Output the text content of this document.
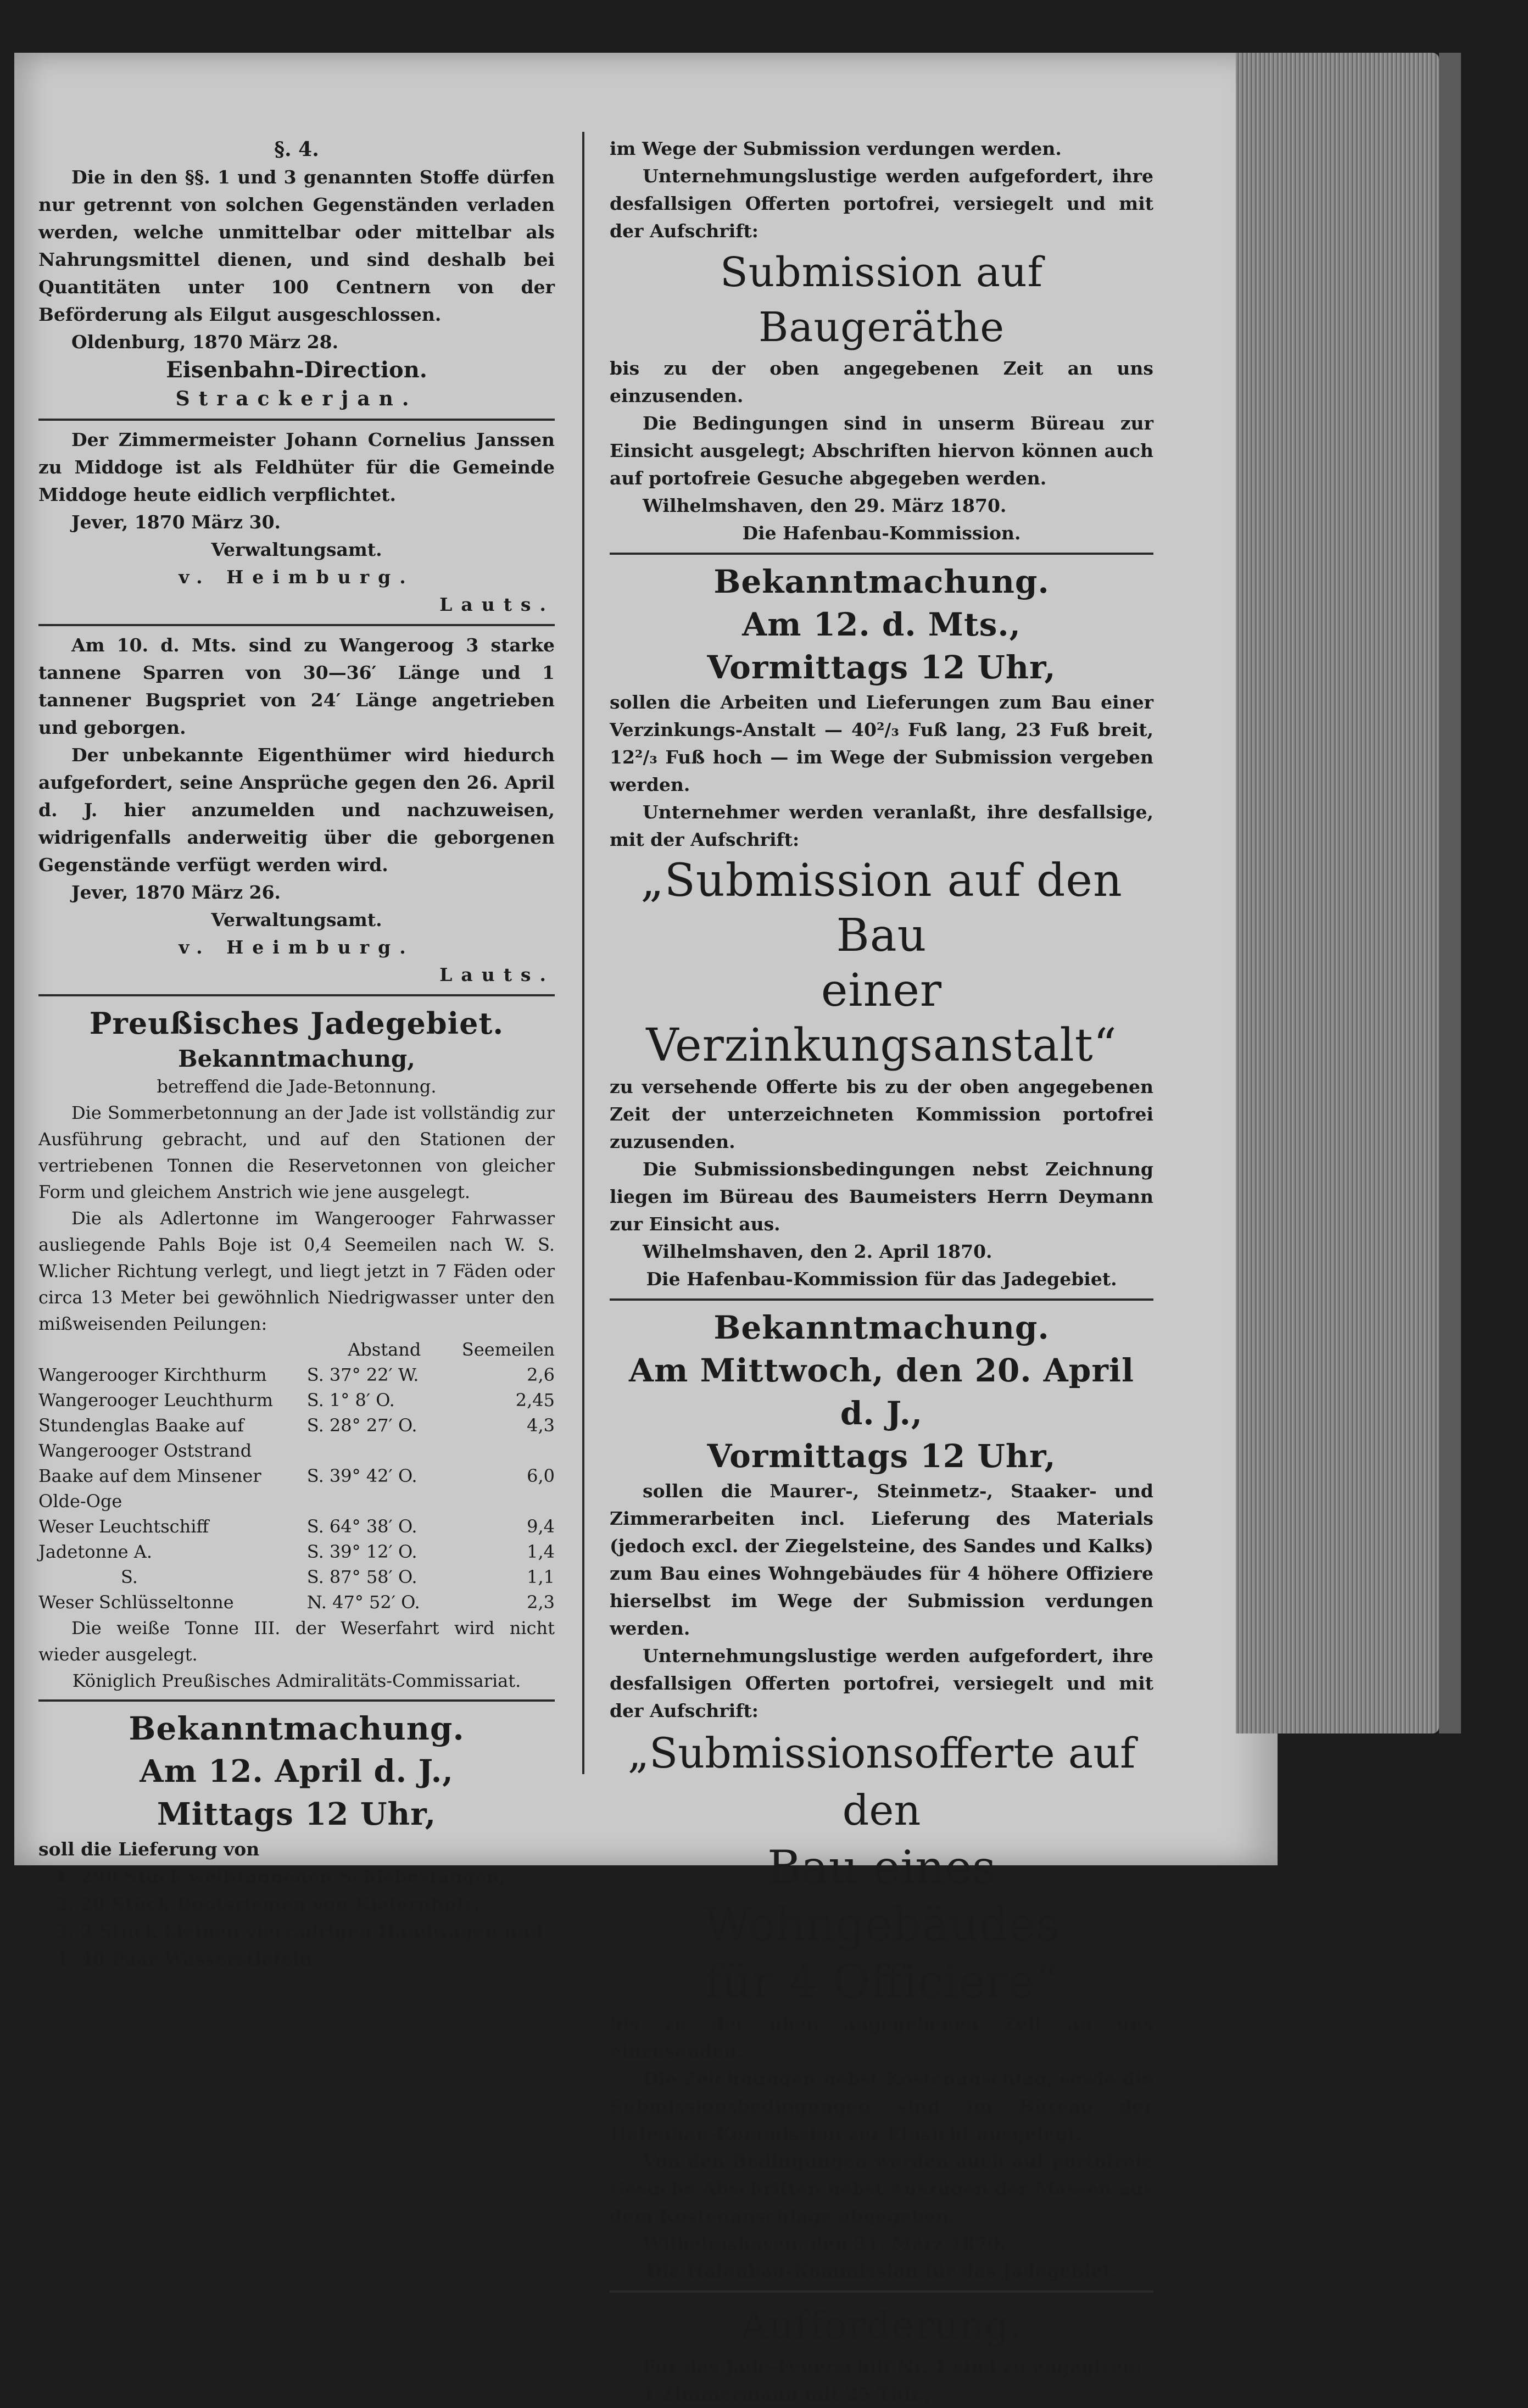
§. 4.

Die in den §§. 1 und 3 genannten Stoffe dürfen nur getrennt von solchen Gegenständen verladen werden, welche unmittelbar oder mittelbar als Nahrungsmittel dienen, und sind deshalb bei Quantitäten unter 100 Centnern von der Beförderung als Eilgut ausgeschlossen.

Oldenburg, 1870 März 28.

Eisenbahn-Direction.
Strackerjan.

Der Zimmermeister Johann Cornelius Janssen zu Middoge ist als Feldhüter für die Gemeinde Middoge heute eidlich verpflichtet.

Jever, 1870 März 30.

Verwaltungsamt.
v. Heimburg.
Lauts.

Am 10. d. Mts. sind zu Wangeroog 3 starke tannene Sparren von 30—36′ Länge und 1 tannener Bugspriet von 24′ Länge angetrieben und geborgen.

Der unbekannte Eigenthümer wird hiedurch aufgefordert, seine Ansprüche gegen den 26. April d. J. hier anzumelden und nachzuweisen, widrigenfalls anderweitig über die geborgenen Gegenstände verfügt werden wird.

Jever, 1870 März 26.

Verwaltungsamt.
v. Heimburg.
Lauts.
Preußisches Jadegebiet.
Bekanntmachung,
betreffend die Jade-Betonnung.

Die Sommerbetonnung an der Jade ist vollständig zur Ausführung gebracht, und auf den Stationen der vertriebenen Tonnen die Reservetonnen von gleicher Form und gleichem Anstrich wie jene ausgelegt.

Die als Adlertonne im Wangerooger Fahrwasser ausliegende Pahls Boje ist 0,4 Seemeilen nach W. S. W.licher Richtung verlegt, und liegt jetzt in 7 Fäden oder circa 13 Meter bei gewöhnlich Niedrigwasser unter den mißweisenden Peilungen:

	Abstand	Seemeilen
Wangerooger Kirchthurm	S. 37° 22′ W.	2,6
Wangerooger Leuchthurm	S. 1° 8′ O.	2,45
Stundenglas Baake auf Wangerooger Oststrand	S. 28° 27′ O.	4,3
Baake auf dem Minsener Olde-Oge	S. 39° 42′ O.	6,0
Weser Leuchtschiff	S. 64° 38′ O.	9,4
Jadetonne A.	S. 39° 12′ O.	1,4
S.	S. 87° 58′ O.	1,1
Weser Schlüsseltonne	N. 47° 52′ O.	2,3

Die weiße Tonne III. der Weserfahrt wird nicht wieder ausgelegt.

Königlich Preußisches Admiralitäts-Commissariat.
Bekanntmachung.
Am 12. April d. J.,
Mittags 12 Uhr,

soll die Lieferung von

1. 290 Stück weißtannenen Schiebestangen,
2. 20 Stück Bootsriemen von Kiefernholz,
3. 2 Stück kleinen vierrädrigen Handwagen und
4. 40 Paar Wasserstiefeln

im Wege der Submission verdungen werden.

Unternehmungslustige werden aufgefordert, ihre desfallsigen Offerten portofrei, versiegelt und mit der Aufschrift:

Submission auf Baugeräthe

bis zu der oben angegebenen Zeit an uns einzusenden.

Die Bedingungen sind in unserm Büreau zur Einsicht ausgelegt; Abschriften hiervon können auch auf portofreie Gesuche abgegeben werden.

Wilhelmshaven, den 29. März 1870.

Die Hafenbau-Kommission.
Bekanntmachung.
Am 12. d. Mts.,
Vormittags 12 Uhr,

sollen die Arbeiten und Lieferungen zum Bau einer Verzinkungs-Anstalt — 40²/₃ Fuß lang, 23 Fuß breit, 12²/₃ Fuß hoch — im Wege der Submission vergeben werden.

Unternehmer werden veranlaßt, ihre desfallsige, mit der Aufschrift:

„Submission auf den Bau
einer Verzinkungsanstalt“

zu versehende Offerte bis zu der oben angegebenen Zeit der unterzeichneten Kommission portofrei zuzusenden.

Die Submissionsbedingungen nebst Zeichnung liegen im Büreau des Baumeisters Herrn Deymann zur Einsicht aus.

Wilhelmshaven, den 2. April 1870.

Die Hafenbau-Kommission für das Jadegebiet.
Bekanntmachung.
Am Mittwoch, den 20. April d. J.,
Vormittags 12 Uhr,

sollen die Maurer-, Steinmetz-, Staaker- und Zimmerarbeiten incl. Lieferung des Materials (jedoch excl. der Ziegelsteine, des Sandes und Kalks) zum Bau eines Wohngebäudes für 4 höhere Offiziere hierselbst im Wege der Submission verdungen werden.

Unternehmungslustige werden aufgefordert, ihre desfallsigen Offerten portofrei, versiegelt und mit der Aufschrift:

„Submissionsofferte auf den
Bau eines Wohngebäudes
für 4 Officiere“

bis zu der oben angegebenen Zeit an uns einzusenden.

Die Zeichnungen nebst Kostenanschlag, sowie die Submissionsbedingungen sind im Büreau der Hafenbau-Kommission zur Einsicht ausgelegt.

Von den Bedingungen werden auch auf portofreie Gesuche Abschriften nebst Auszügen der Massen aus dem Kostenanschlage abgegeben.

Wilhelmshaven, den 31. März 1870.

Die Hafenbau-Kommission für das Jadegebiet.
Aufforderung.

Für das Jade-Feuerschiff Nr. 1 sind zu engagiren:

1 Zimmermann mit 25 Thlr.,
